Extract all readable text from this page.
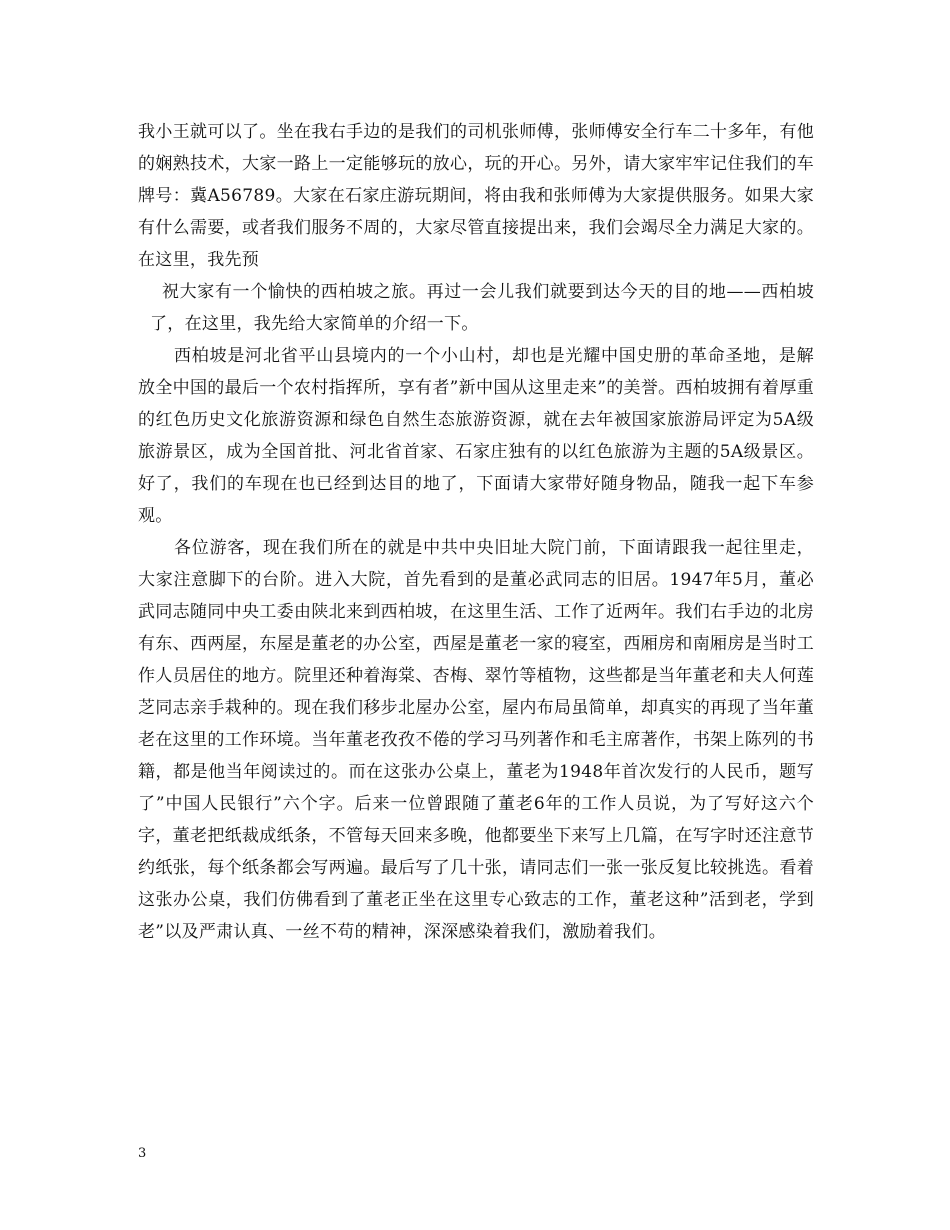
我小王就可以了。坐在我右手边的是我们的司机张师傅，张师傅安全行车二十多年，有他的娴熟技术，大家一路上一定能够玩的放心，玩的开心。另外，请大家牢牢记住我们的车牌号：冀A56789。大家在石家庄游玩期间，将由我和张师傅为大家提供服务。如果大家有什么需要，或者我们服务不周的，大家尽管直接提出来，我们会竭尽全力满足大家的。在这里，我先预

祝大家有一个愉快的西柏坡之旅。再过一会儿我们就要到达今天的目的地——西柏坡了，在这里，我先给大家简单的介绍一下。

西柏坡是河北省平山县境内的一个小山村，却也是光耀中国史册的革命圣地，是解放全中国的最后一个农村指挥所，享有者”新中国从这里走来”的美誉。西柏坡拥有着厚重的红色历史文化旅游资源和绿色自然生态旅游资源，就在去年被国家旅游局评定为5A级旅游景区，成为全国首批、河北省首家、石家庄独有的以红色旅游为主题的5A级景区。好了，我们的车现在也已经到达目的地了，下面请大家带好随身物品，随我一起下车参观。

各位游客，现在我们所在的就是中共中央旧址大院门前，下面请跟我一起往里走，大家注意脚下的台阶。进入大院，首先看到的是董必武同志的旧居。1947年5月，董必武同志随同中央工委由陕北来到西柏坡，在这里生活、工作了近两年。我们右手边的北房有东、西两屋，东屋是董老的办公室，西屋是董老一家的寝室，西厢房和南厢房是当时工作人员居住的地方。院里还种着海棠、杏梅、翠竹等植物，这些都是当年董老和夫人何莲芝同志亲手栽种的。现在我们移步北屋办公室，屋内布局虽简单，却真实的再现了当年董老在这里的工作环境。当年董老孜孜不倦的学习马列著作和毛主席著作，书架上陈列的书籍，都是他当年阅读过的。而在这张办公桌上，董老为1948年首次发行的人民币，题写了”中国人民银行”六个字。后来一位曾跟随了董老6年的工作人员说，为了写好这六个字，董老把纸裁成纸条，不管每天回来多晚，他都要坐下来写上几篇，在写字时还注意节约纸张，每个纸条都会写两遍。最后写了几十张，请同志们一张一张反复比较挑选。看着这张办公桌，我们仿佛看到了董老正坐在这里专心致志的工作，董老这种”活到老，学到老”以及严肃认真、一丝不苟的精神，深深感染着我们，激励着我们。

3
